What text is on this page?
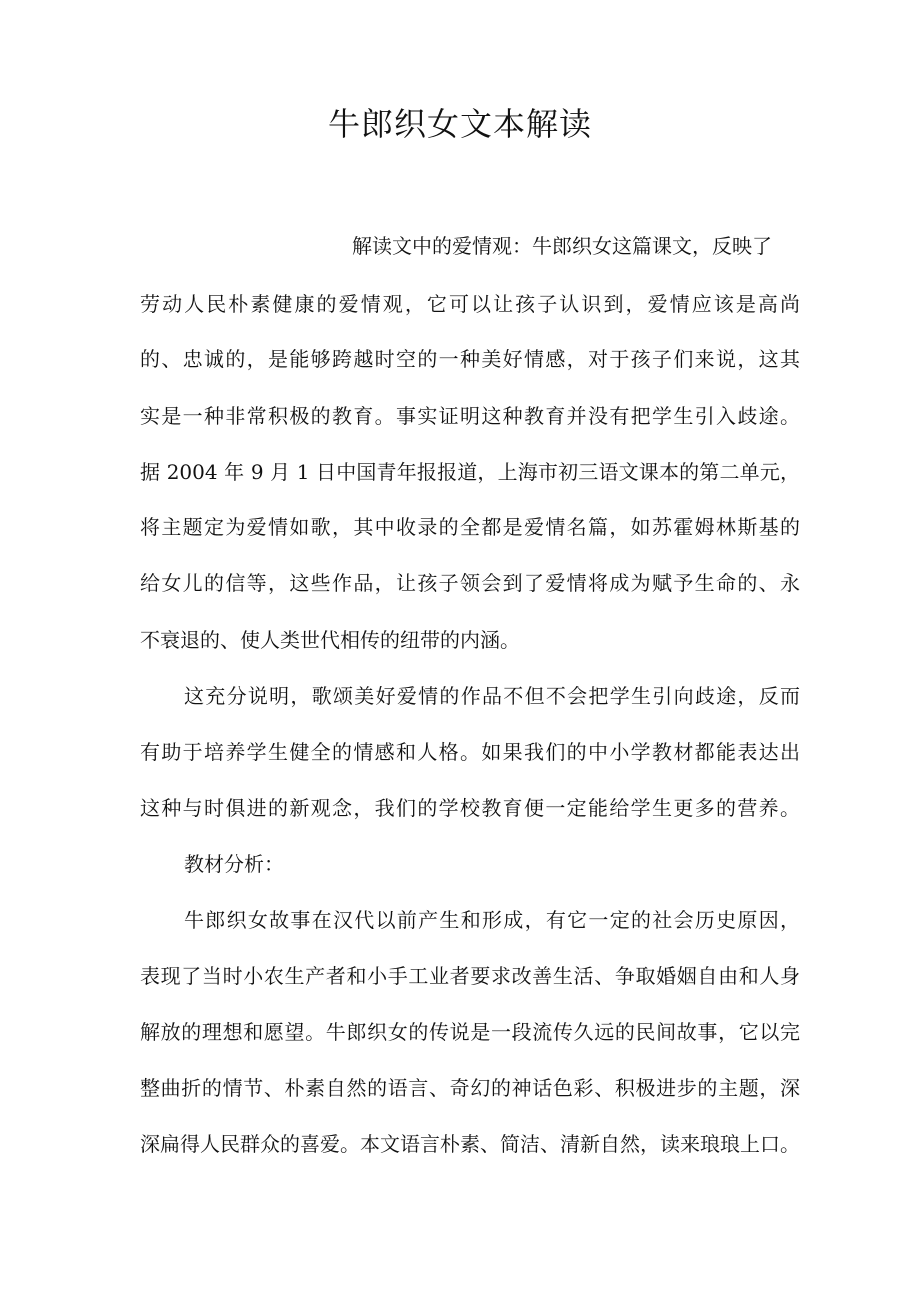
牛郎织女文本解读

解读文中的爱情观：牛郎织女这篇课文，反映了

劳动人民朴素健康的爱情观，它可以让孩子认识到，爱情应该是高尚

的、忠诚的，是能够跨越时空的一种美好情感，对于孩子们来说，这其

实是一种非常积极的教育。事实证明这种教育并没有把学生引入歧途。

据 2004 年 9 月 1 日中国青年报报道，上海市初三语文课本的第二单元，

将主题定为爱情如歌，其中收录的全都是爱情名篇，如苏霍姆林斯基的

给女儿的信等，这些作品，让孩子领会到了爱情将成为赋予生命的、永

不衰退的、使人类世代相传的纽带的内涵。

这充分说明，歌颂美好爱情的作品不但不会把学生引向歧途，反而

有助于培养学生健全的情感和人格。如果我们的中小学教材都能表达出

这种与时俱进的新观念，我们的学校教育便一定能给学生更多的营养。

教材分析：

牛郎织女故事在汉代以前产生和形成，有它一定的社会历史原因，

表现了当时小农生产者和小手工业者要求改善生活、争取婚姻自由和人身

解放的理想和愿望。牛郎织女的传说是一段流传久远的民间故事，它以完

整曲折的情节、朴素自然的语言、奇幻的神话色彩、积极进步的主题，深

深扁得人民群众的喜爱。本文语言朴素、简洁、清新自然，读来琅琅上口。
